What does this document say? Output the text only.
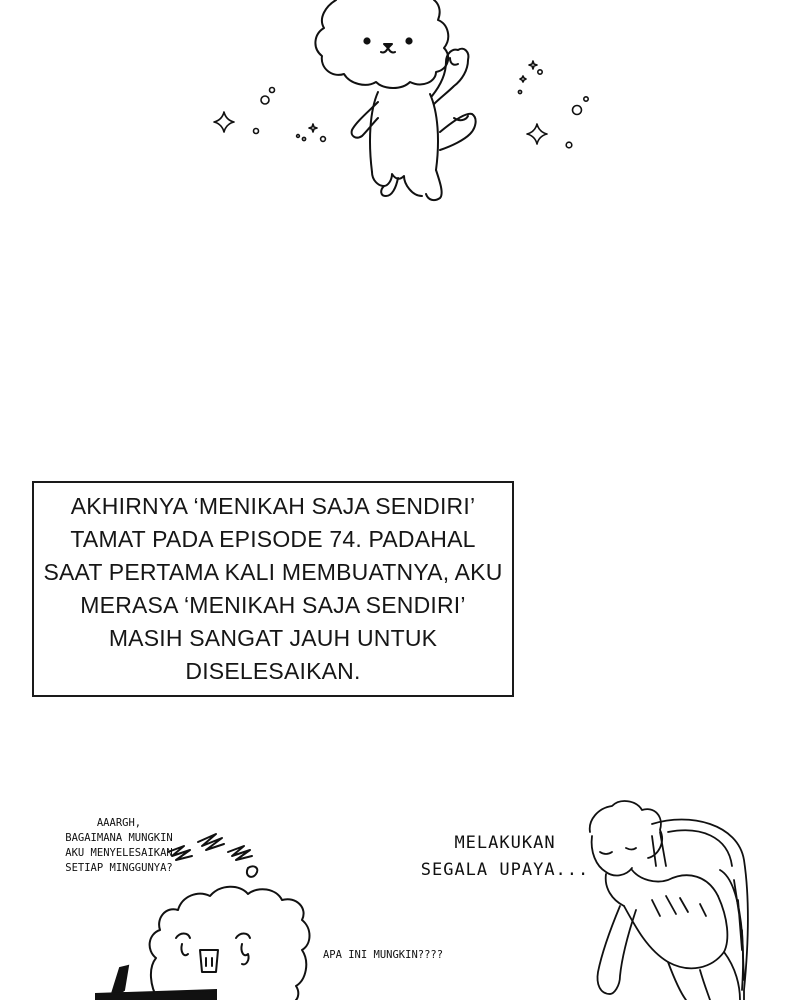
AKHIRNYA ‘MENIKAH SAJA SENDIRI’ TAMAT PADA EPISODE 74. PADAHAL SAAT PERTAMA KALI MEMBUATNYA, AKU MERASA ‘MENIKAH SAJA SENDIRI’ MASIH SANGAT JAUH UNTUK DISELESAIKAN.
AAARGH,
BAGAIMANA MUNGKIN
AKU MENYELESAIKAN
SETIAP MINGGUNYA?
APA INI MUNGKIN????
MELAKUKAN
SEGALA UPAYA...
